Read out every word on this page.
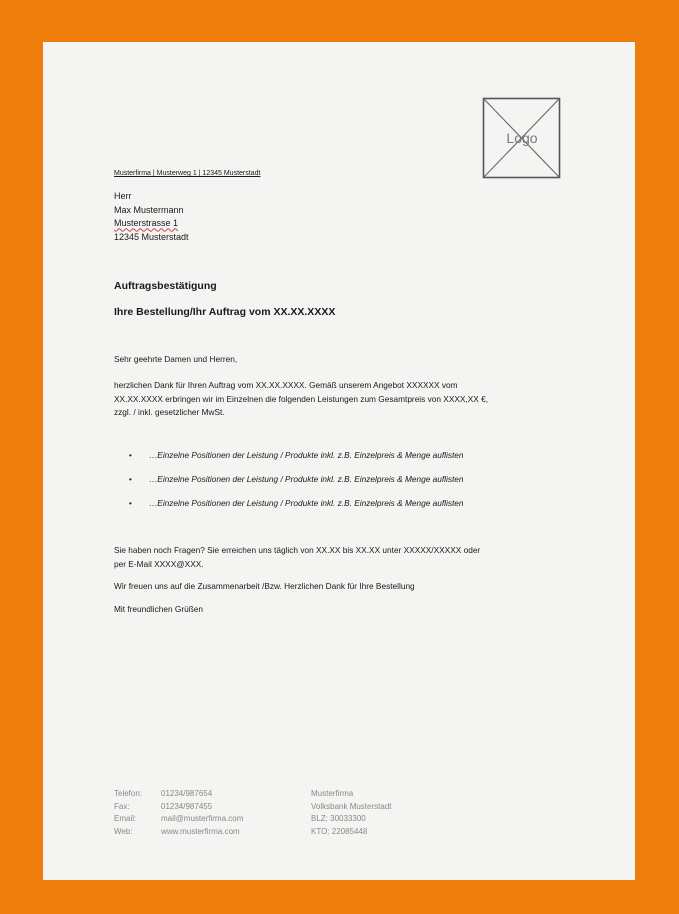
Logo
Musterfirma | Musterweg 1 | 12345 Musterstadt
Herr
Max Mustermann
Musterstrasse 1
12345 Musterstadt
Auftragsbestätigung
Ihre Bestellung/Ihr Auftrag vom XX.XX.XXXX
Sehr geehrte Damen und Herren,
herzlichen Dank für Ihren Auftrag vom XX.XX.XXXX. Gemäß unserem Angebot XXXXXX vom
XX.XX.XXXX erbringen wir im Einzelnen die folgenden Leistungen zum Gesamtpreis von XXXX,XX €,
zzgl. / inkl. gesetzlicher MwSt.
• …Einzelne Positionen der Leistung / Produkte inkl. z.B. Einzelpreis & Menge auflisten
• …Einzelne Positionen der Leistung / Produkte inkl. z.B. Einzelpreis & Menge auflisten
• …Einzelne Positionen der Leistung / Produkte inkl. z.B. Einzelpreis & Menge auflisten
Sie haben noch Fragen? Sie erreichen uns täglich von XX.XX bis XX.XX unter XXXXX/XXXXX oder
per E-Mail XXXX@XXX.
Wir freuen uns auf die Zusammenarbeit /Bzw. Herzlichen Dank für Ihre Bestellung
Mit freundlichen Grüßen
Telefon: 01234/987654	Musterfirma
Fax:	01234/987455	Volksbank Musterstadt
Email:	mail@musterfirma.com	BLZ: 30033300
Web:	www.musterfirma.com	KTO: 22085448
